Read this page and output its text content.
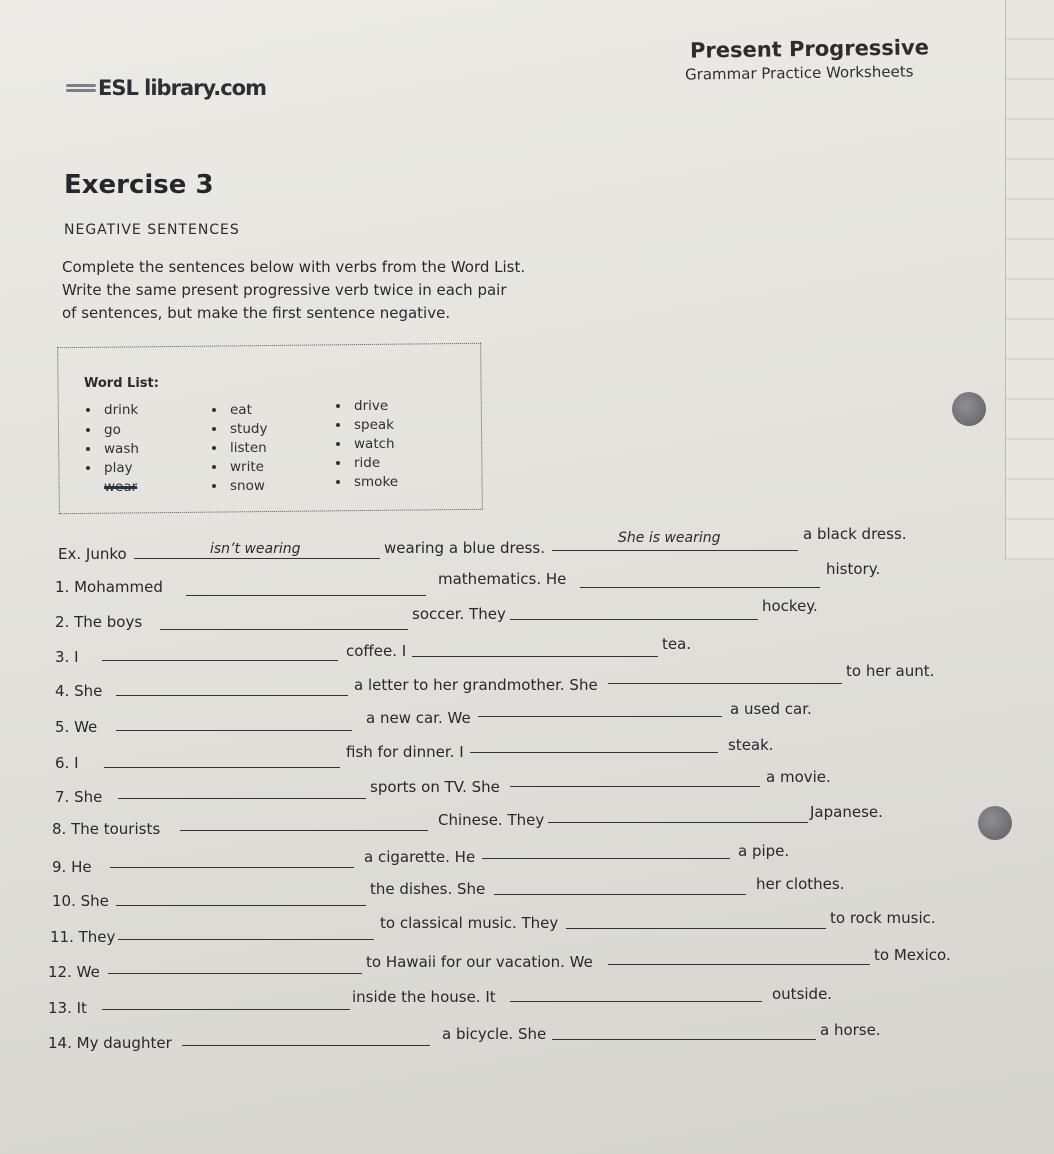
ESL library.com
Present Progressive
Grammar Practice Worksheets
Exercise 3
NEGATIVE SENTENCES
Complete the sentences below with verbs from the Word List.
Write the same present progressive verb twice in each pair
of sentences, but make the first sentence negative.
Word List:
drink
go
wash
play
wear
eat
study
listen
write
snow
drive
speak
watch
ride
smoke
Ex. Junko	isn’t wearing	wearing a blue dress.
She is wearing	a black dress.
1. Mohammed	mathematics. He
history.
2. The boys	soccer. They	hockey.
3. I	coffee. I	tea.
4. She	a letter to her grandmother. She
to her aunt.
5. We	a new car. We	a used car.
6. I
fish for dinner. I	steak.
7. She
sports on TV. She
a movie.
8. The tourists	Chinese. They	Japanese.
9. He
a cigarette. He	a pipe.
10. She
the dishes. She	her clothes.
11. They
to classical music. They	to rock music.
12. We
to Hawaii for our vacation. We	to Mexico.
13. It
inside the house. It	outside.
14. My daughter	a bicycle. She	a horse.
